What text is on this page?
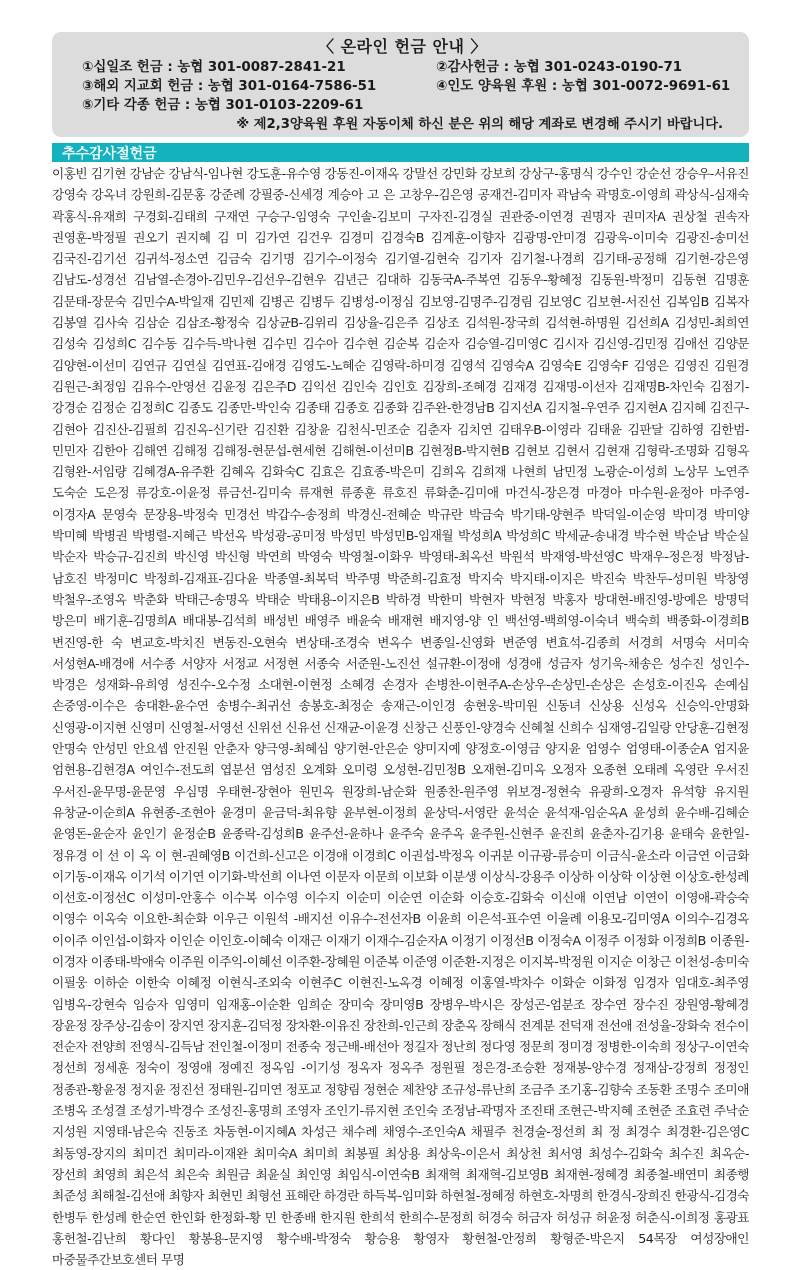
〈 온라인 헌금 안내 〉
①십일조 헌금 : 농협 301-0087-2841-21	②감사헌금 : 농협 301-0243-0190-71
③해외 지교회 헌금 : 농협 301-0164-7586-51	④인도 양육원 후원 : 농협 301-0072-9691-61
⑤기타 각종 헌금 : 농협 301-0103-2209-61
※ 제2,3양육원 후원 자동이체 하신 분은 위의 해당 계좌로 변경해 주시기 바랍니다.
추수감사절헌금
이홍빈 김기현 강남순 강남식-임나현 강도훈-유수영 강동진-이재옥 강말선 강민화 강보희 강상구-홍명식 강수인 강순선 강승우-서유진 강영숙 강옥녀 강원희-김문홍 강준례 강필중-신세경 계승아 고 은 고창우-김은영 공재건-김미자 곽남숙 곽명호-이영희 곽상식-심재숙 곽홍식-유재희 구경회-김태희 구재연 구승구-임영숙 구인솔-김보미 구자진-김경실 권관중-이연경 권명자 권미자A 권상철 권속자 권영훈-박정필 권오기 권지혜 김 미 김가연 김건우 김경미 김경숙B 김계훈-이향자 김광명-안미경 김광욱-이미숙 김광진-송미선 김국진-김기선 김귀석-정소연 김금숙 김기명 김기수-이정숙 김기열-김현숙 김기자 김기철-나경희 김기태-공정해 김기현-강은영 김남도-성경선 김남열-손경아-김민우-김선우-김현우 김년근 김대하 김동국A-주복연 김동우-황혜정 김동원-박정미 김동현 김명훈 김문태-장문숙 김민수A-박일재 김민제 김병곤 김병두 김병성-이정심 김보영-김명주-김경림 김보영C 김보현-서진선 김복임B 김복자 김봉열 김사숙 김삼순 김삼조-황정숙 김상균B-김위리 김상율-김은주 김상조 김석원-장국희 김석현-하명원 김선희A 김성민-최희연 김성숙 김성희C 김수동 김수득-박나현 김수민 김수아 김수현 김순복 김순자 김승열-김미영C 김시자 김신영-김민정 김애선 김양문 김양현-이선미 김연규 김연실 김연표-김애경 김영도-노혜순 김영락-하미경 김영석 김영숙A 김영숙E 김영숙F 김영은 김영진 김원경 김원근-최정임 김유수-안영선 김윤정 김은주D 김익선 김인숙 김인호 김장희-조혜경 김재경 김재명-이선자 김재명B-차인숙 김점기-강경순 김정순 김정희C 김종도 김종만-박인숙 김종태 김종호 김종화 김주완-한경남B 김지선A 김지철-우연주 김지현A 김지혜 김진구-김현아 김진산-김필희 김진옥-신기란 김진환 김창윤 김천식-민조순 김춘자 김치연 김태우B-이영라 김태윤 김판달 김하영 김한범-민민자 김한아 김해연 김해정 김해정-현문섭-현세현 김해현-이선미B 김현정B-박지현B 김현보 김현서 김현재 김형락-조명화 김형옥 김형완-서임량 김혜경A-유주환 김혜옥 김화숙C 김효은 김효종-박은미 김희옥 김희재 나현희 남민정 노광순-이성희 노상무 노연주 도숙순 도은정 류강호-이윤정 류금선-김미숙 류재현 류종훈 류호진 류화춘-김미애 마건식-장은경 마경아 마수원-윤정아 마주영-이경자A 문영숙 문장용-박정숙 민경선 박갑수-송정희 박경신-전혜순 박규란 박금숙 박기태-양현주 박덕일-이순영 박미경 박미양 박미혜 박병권 박병렬-지혜근 박선옥 박성광-공미정 박성민 박성민B-임재월 박성희A 박성희C 박세균-송내경 박수현 박순남 박순실 박순자 박승규-김진희 박신영 박신형 박연희 박영숙 박영철-이화우 박영태-최옥선 박원석 박재영-박선영C 박재우-정은정 박정남-남호진 박정미C 박정희-김재표-김다윤 박종열-최복덕 박주명 박준희-김효정 박지숙 박지태-이지은 박진숙 박찬두-성미원 박창영 박철우-조영옥 박춘화 박태근-송명옥 박태순 박태용-이지은B 박하경 박한미 박현자 박현정 박홍자 방대현-배진영-방예은 방명덕 방은미 배기훈-김명희A 배대봉-김석희 배성빈 배영주 배윤숙 배재현 배지영-양 인 백선영-백희영-이숙녀 백숙희 백종화-이경희B 변진영-한 숙 변교호-박치진 변동진-오현숙 변상태-조경숙 변옥수 변종일-신영화 변준영 변효석-김종희 서경희 서명숙 서미숙 서성현A-배경애 서수종 서양자 서정교 서정현 서종숙 서준원-노진선 설규환-이정애 성경애 성금자 성기욱-채송은 성수진 성인수-박경은 성재화-유희영 성진수-오수정 소대현-이현정 소혜경 손경자 손병찬-이현주A-손상우-손상민-손상은 손성호-이진옥 손예심 손중영-이수은 송대환-윤수연 송병수-최귀선 송봉호-최정순 송재근-이인경 송현웅-박미원 신동녀 신상용 신성옥 신승익-안명화 신영광-이지현 신영미 신영철-서영선 신위선 신유선 신재균-이윤경 신창근 신풍인-양경숙 신혜철 신희수 심재영-김일랑 안당훈-김현정 안명숙 안성민 안요셉 안진원 안춘자 양극영-최혜심 양기현-안은순 양미지예 양정호-이영금 양지윤 엄영수 엄영태-이종순A 엄지윤 엄현용-김현경A 여인수-전도희 엽분선 염성진 오계화 오미령 오성현-김민정B 오재현-김미옥 오정자 오종현 오태례 옥영란 우서진 우서진-윤무명-윤문영 우심명 우태현-장현아 원민옥 원장희-남순화 원종찬-원주영 위보경-정현숙 유광희-오경자 유석향 유지원 유창균-이순희A 유현종-조현아 윤경미 윤금덕-최유향 윤부현-이정희 윤상덕-서영란 윤석순 윤석재-임순옥A 윤성희 윤수배-김혜순 윤영돈-윤순자 윤인기 윤정순B 윤종락-김성희B 윤주선-윤하나 윤주숙 윤주옥 윤주원-신현주 윤진희 윤춘자-김기용 윤태숙 윤한일-정유경 이 선 이 옥 이 현-권혜영B 이건희-신고은 이경애 이경희C 이권섭-박정옥 이귀분 이규광-류승미 이금식-윤소라 이금연 이금화 이기동-이재옥 이기석 이기연 이기화-박선희 이나연 이문자 이문희 이보화 이분생 이상식-강용주 이상하 이상학 이상현 이상호-한성례 이선호-이정선C 이성미-안홍수 이수복 이수영 이수지 이순미 이순연 이순화 이승호-김화숙 이신애 이연남 이연이 이영애-곽승숙 이영수 이옥숙 이요한-최순화 이우근 이원석 -배지선 이유수-전선자B 이윤희 이은석-표수연 이을례 이용모-김미영A 이의수-김경옥 이이주 이인섭-이화자 이인순 이인호-이혜숙 이재근 이재기 이재수-김순자A 이정기 이정선B 이정숙A 이정주 이정화 이정희B 이종원-이경자 이종태-박애숙 이주원 이주익-이혜선 이주환-장혜원 이준복 이준영 이준환-지정은 이지복-박정원 이지순 이창근 이천성-송미숙 이필웅 이하순 이한숙 이혜정 이현식-조외숙 이현주C 이현진-노옥경 이혜정 이홍열-박차수 이화순 이화정 임경자 임대호-최주영 임병옥-강현숙 임승자 임영미 임재홍-이순환 임희순 장미숙 장미영B 장병우-박시은 장성곤-엄분조 장수연 장수진 장원영-황혜경 장윤정 장주상-김송이 장지연 장지훈-김덕정 장차환-이유진 장찬희-인근희 장춘옥 장해식 전계분 전덕재 전선애 전성율-장화숙 전수이 전순자 전양희 전영식-김득남 전인철-이정미 전종숙 정근배-배선아 정길자 정난희 정다영 정문희 정미경 정병한-이숙희 정상구-이연숙 정선희 정세훈 정숙이 정영애 정예진 정옥임 -이기성 정옥자 정옥주 정원필 정은경-조승환 정재봉-양수경 정재삼-강정희 정정인 정종관-황윤정 정지윤 정진선 정태원-김미연 정포교 정향림 정현순 제찬양 조규성-류난희 조금주 조기홍-김향숙 조동환 조명수 조미애 조병옥 조성결 조성기-박경수 조성진-홍명희 조영자 조인기-류지현 조인숙 조정남-곽명자 조진태 조현근-박지혜 조현준 조효련 주낙순 지성원 지영태-남은숙 진동조 차동현-이지혜A 차성근 채수례 채영수-조인숙A 채필주 천경술-정선희 최 정 최경수 최경환-김은영C 최동영-장지의 최미건 최미라-이재완 최미숙A 최미희 최봉필 최상용 최상욱-이은서 최상천 최서영 최성수-김화숙 최수진 최옥순-장선희 최영희 최은석 최은숙 최원금 최윤실 최인영 최임식-이연숙B 최재혁 최재혁-김보영B 최재현-정혜경 최종철-배연미 최종행 최준성 최해철-김선애 최향자 최현민 최형선 표해란 하경란 하득복-임미화 하현철-정혜정 하현호-차명희 한경식-장희진 한광식-김경숙 한병두 한성례 한순연 한인화 한정화-황 민 한종배 한지원 한희석 한희수-문정희 허경숙 허금자 허성규 허윤정 허춘식-이희정 홍광표 홍헌철-김난희 황다인 황봉용-문지영 황수배-박정숙 황승용 황영자 황현철-안정희 황형준-박은지 54목장 여성장애인 마중물주간보호센터 무명
